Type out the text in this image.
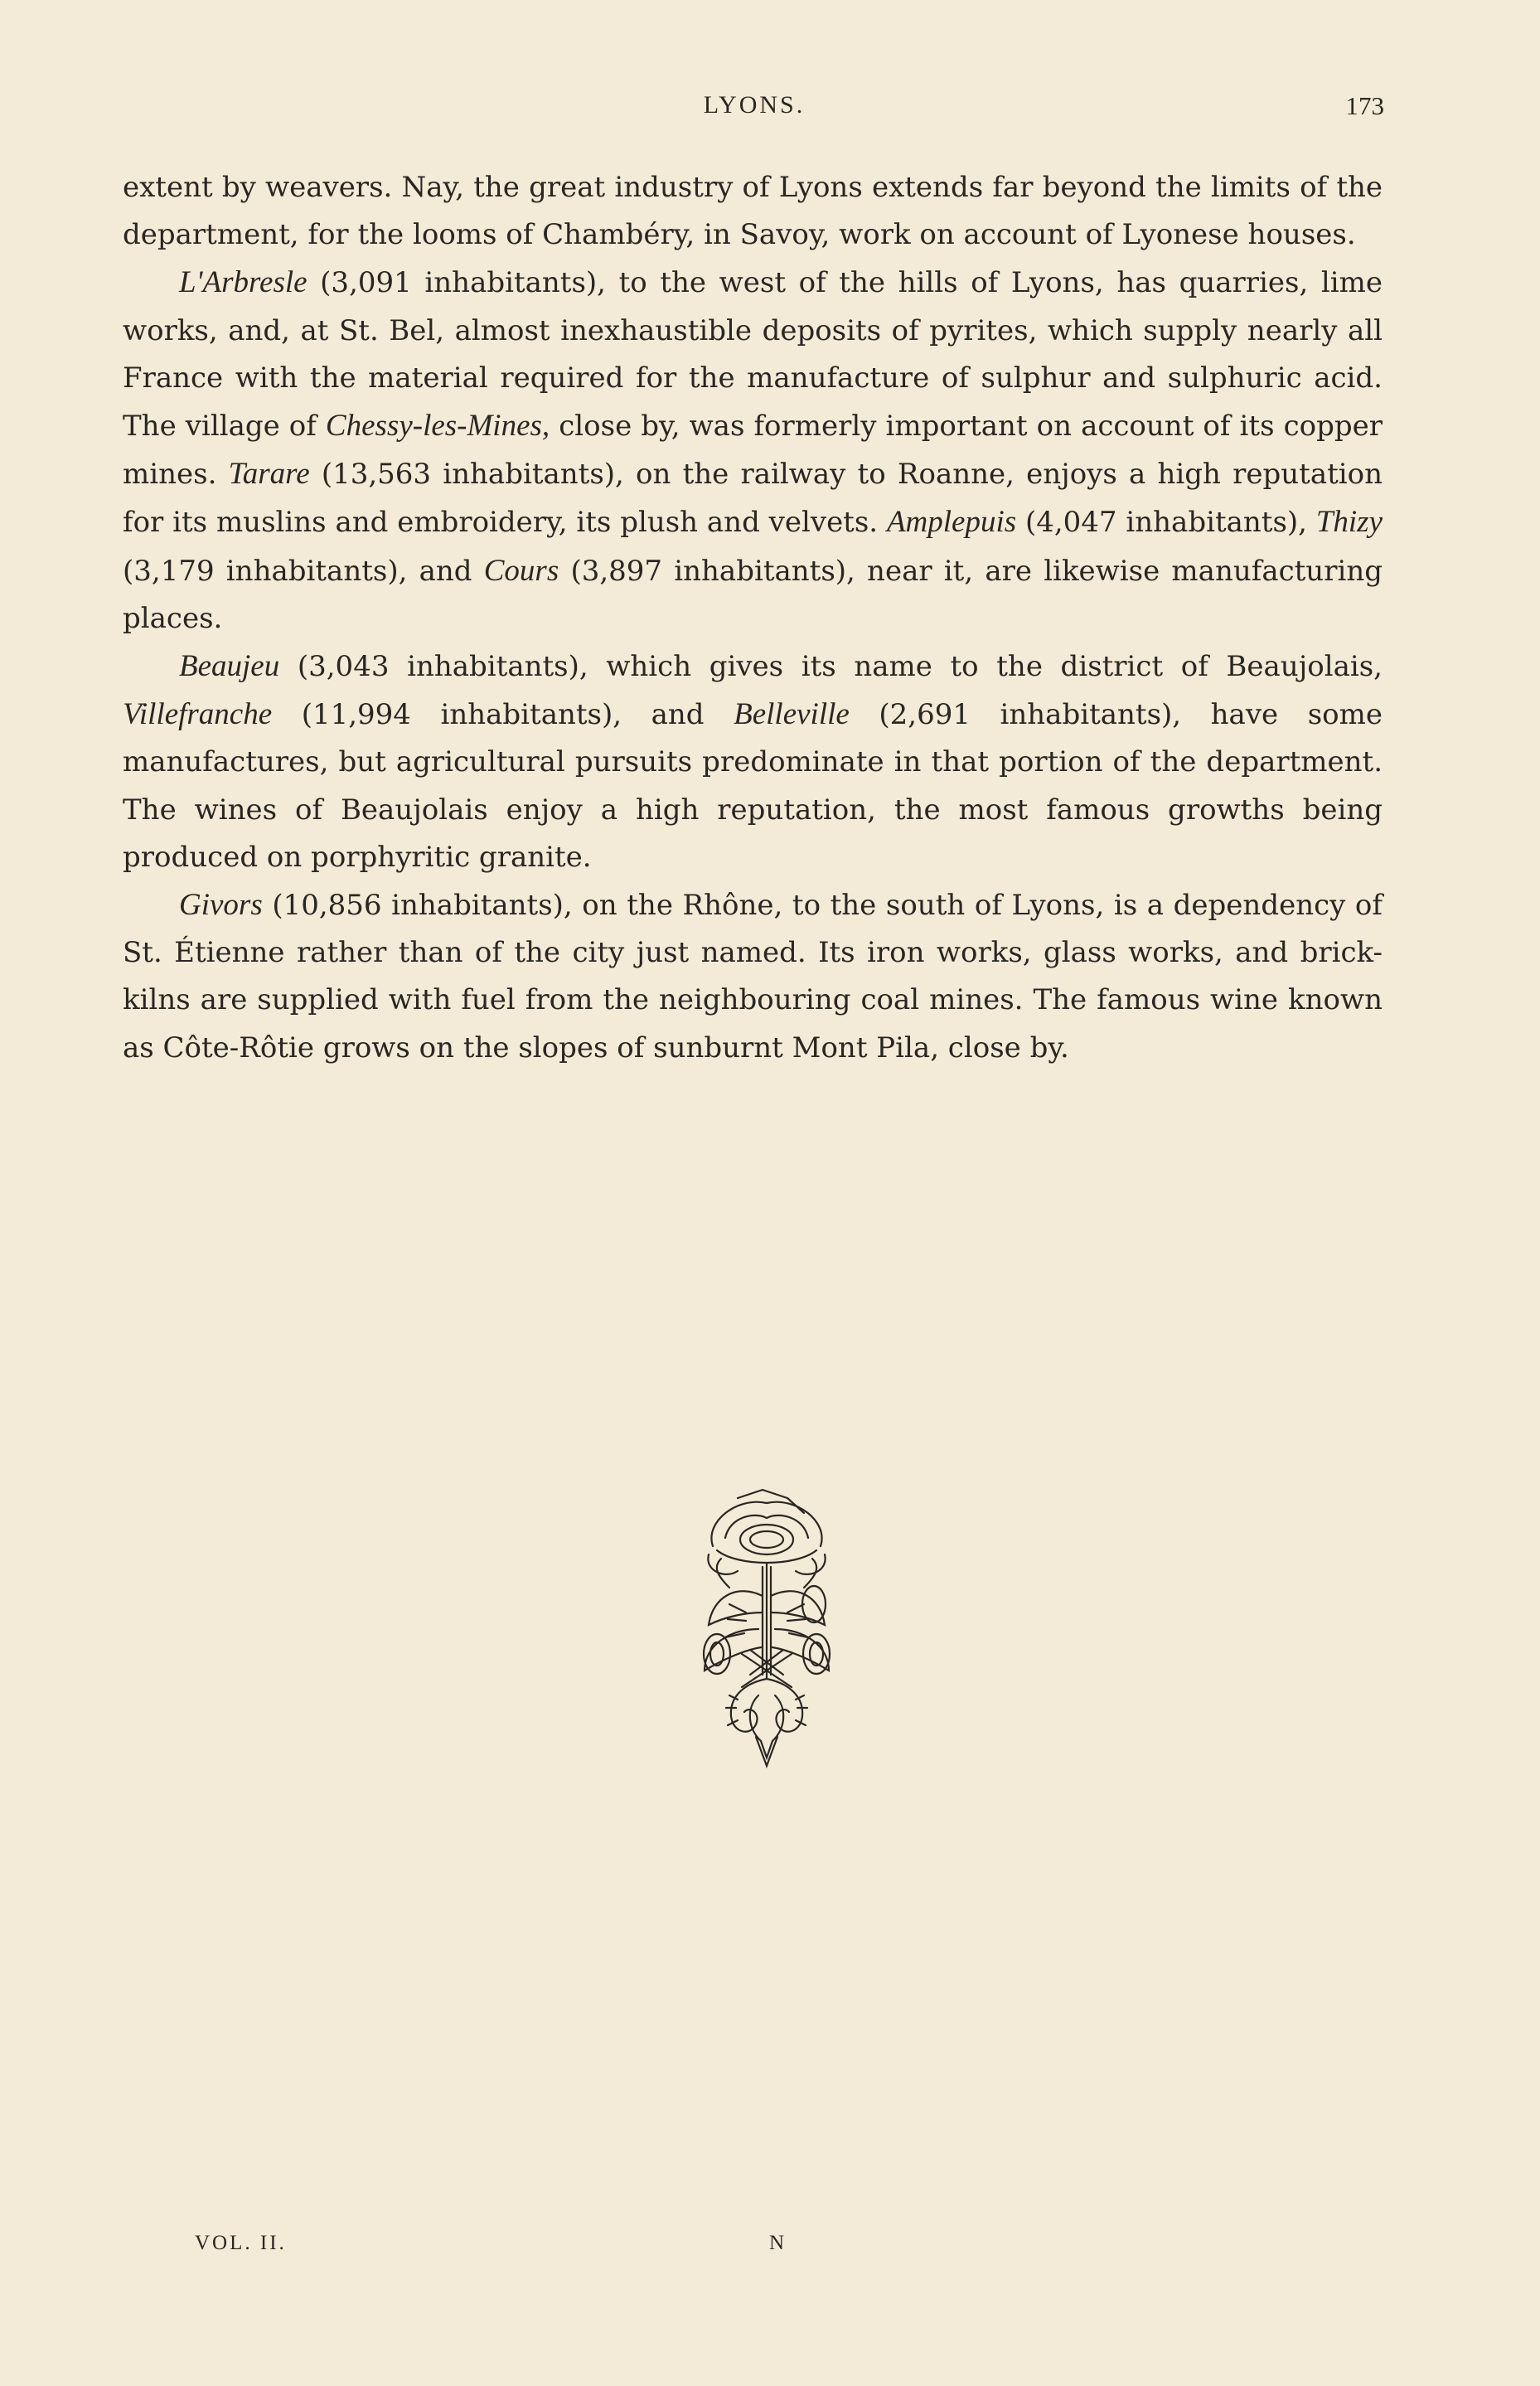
LYONS.	173

extent by weavers. Nay, the great industry of Lyons extends far beyond the limits of the department, for the looms of Chambéry, in Savoy, work on account of Lyonese houses.

L'Arbresle (3,091 inhabitants), to the west of the hills of Lyons, has quarries, lime works, and, at St. Bel, almost inexhaustible deposits of pyrites, which supply nearly all France with the material required for the manufacture of sulphur and sulphuric acid. The village of Chessy-les-Mines, close by, was formerly important on account of its copper mines. Tarare (13,563 inhabitants), on the railway to Roanne, enjoys a high reputation for its muslins and embroidery, its plush and velvets. Amplepuis (4,047 inhabitants), Thizy (3,179 inhabitants), and Cours (3,897 inhabitants), near it, are likewise manufacturing places.

Beaujeu (3,043 inhabitants), which gives its name to the district of Beaujolais, Villefranche (11,994 inhabitants), and Belleville (2,691 inhabitants), have some manufactures, but agricultural pursuits predominate in that portion of the department. The wines of Beaujolais enjoy a high reputation, the most famous growths being produced on porphyritic granite.

Givors (10,856 inhabitants), on the Rhône, to the south of Lyons, is a dependency of St. Étienne rather than of the city just named. Its iron works, glass works, and brick-kilns are supplied with fuel from the neighbouring coal mines. The famous wine known as Côte-Rôtie grows on the slopes of sunburnt Mont Pila, close by.

VOL. II.	N
